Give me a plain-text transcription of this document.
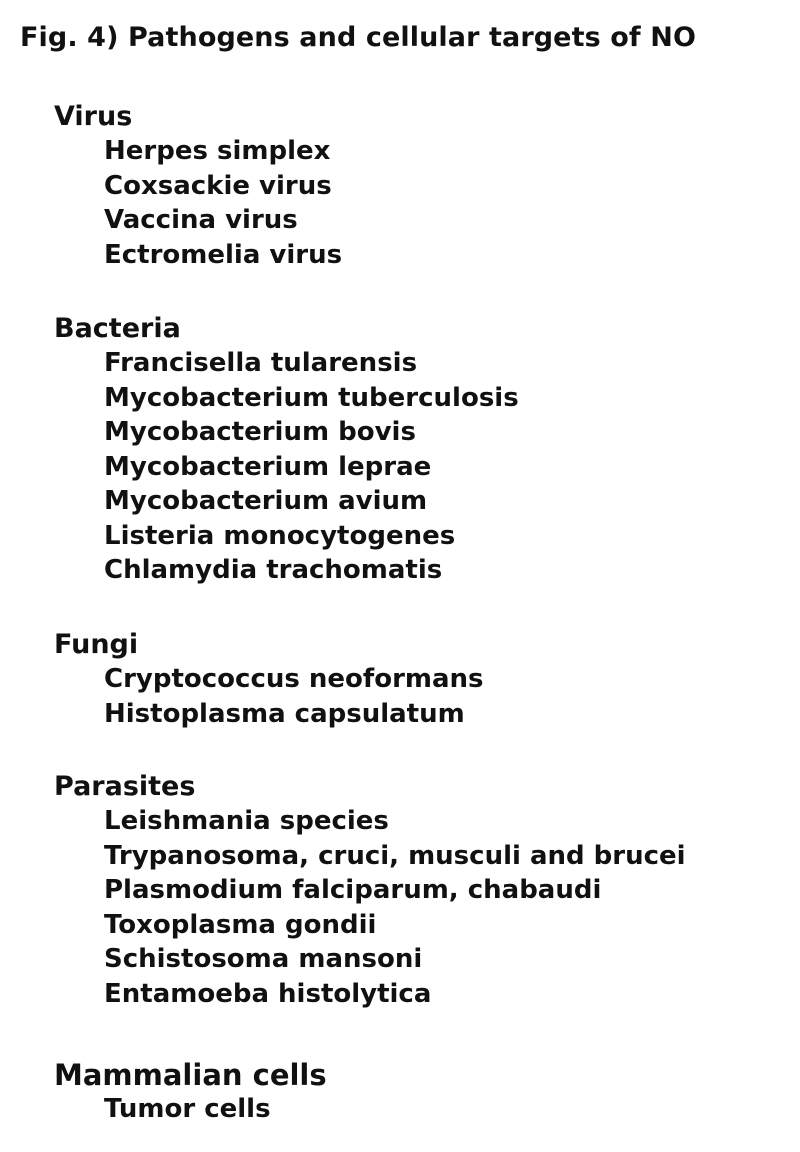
Fig. 4) Pathogens and cellular targets of NO
Virus
Herpes simplex
Coxsackie virus
Vaccina virus
Ectromelia virus
Bacteria
Francisella tularensis
Mycobacterium tuberculosis
Mycobacterium bovis
Mycobacterium leprae
Mycobacterium avium
Listeria monocytogenes
Chlamydia trachomatis
Fungi
Cryptococcus neoformans
Histoplasma capsulatum
Parasites
Leishmania species
Trypanosoma, cruci, musculi and brucei
Plasmodium falciparum, chabaudi
Toxoplasma gondii
Schistosoma mansoni
Entamoeba histolytica
Mammalian cells
Tumor cells
